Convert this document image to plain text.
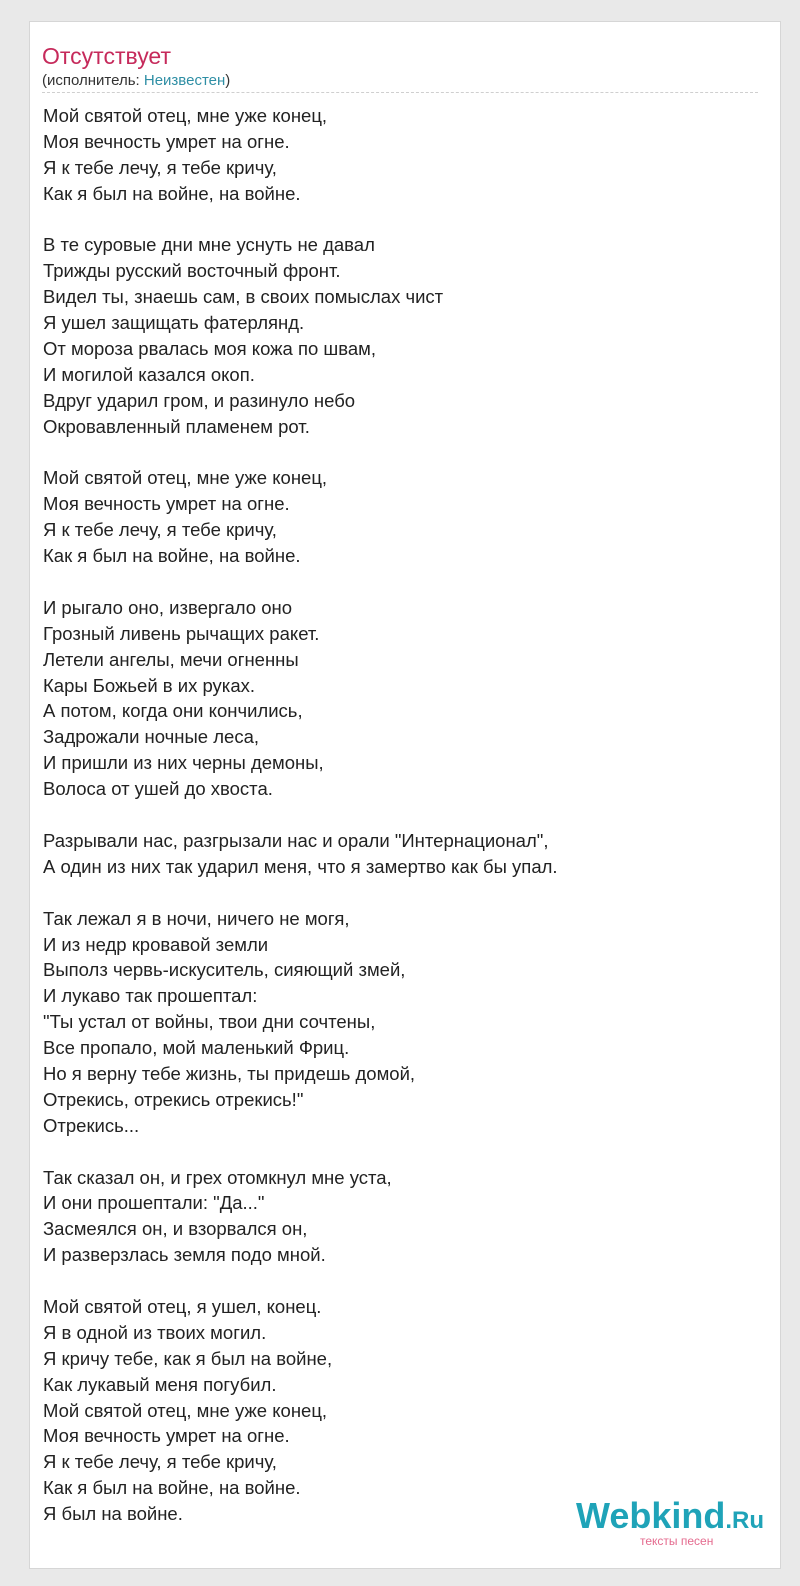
Отсутствует
(исполнитель: Неизвестен)
Мой святой отец, мне уже конец,
Моя вечность умрет на огне.
Я к тебе лечу, я тебе кричу,
Как я был на войне, на войне.
В те суровые дни мне уснуть не давал
Трижды русский восточный фронт.
Видел ты, знаешь сам, в своих помыслах чист
Я ушел защищать фатерлянд.
От мороза рвалась моя кожа по швам,
И могилой казался окоп.
Вдруг ударил гром, и разинуло небо
Окровавленный пламенем рот.
Мой святой отец, мне уже конец,
Моя вечность умрет на огне.
Я к тебе лечу, я тебе кричу,
Как я был на войне, на войне.
И рыгало оно, извергало оно
Грозный ливень рычащих ракет.
Летели ангелы, мечи огненны
Кары Божьей в их руках.
А потом, когда они кончились,
Задрожали ночные леса,
И пришли из них черны демоны,
Волоса от ушей до хвоста.
Разрывали нас, разгрызали нас и орали "Интернационал",
А один из них так ударил меня, что я замертво как бы упал.
Так лежал я в ночи, ничего не могя,
И из недр кровавой земли
Выполз червь-искуситель, сияющий змей,
И лукаво так прошептал:
"Ты устал от войны, твои дни сочтены,
Все пропало, мой маленький Фриц.
Но я верну тебе жизнь, ты придешь домой,
Отрекись, отрекись отрекись!"
Отрекись...
Так сказал он, и грех отомкнул мне уста,
И они прошептали: "Да..."
Засмеялся он, и взорвался он,
И разверзлась земля подо мной.
Мой святой отец, я ушел, конец.
Я в одной из твоих могил.
Я кричу тебе, как я был на войне,
Как лукавый меня погубил.
Мой святой отец, мне уже конец,
Моя вечность умрет на огне.
Я к тебе лечу, я тебе кричу,
Как я был на войне, на войне.
Я был на войне.	Webkind.Ru
тексты песен
